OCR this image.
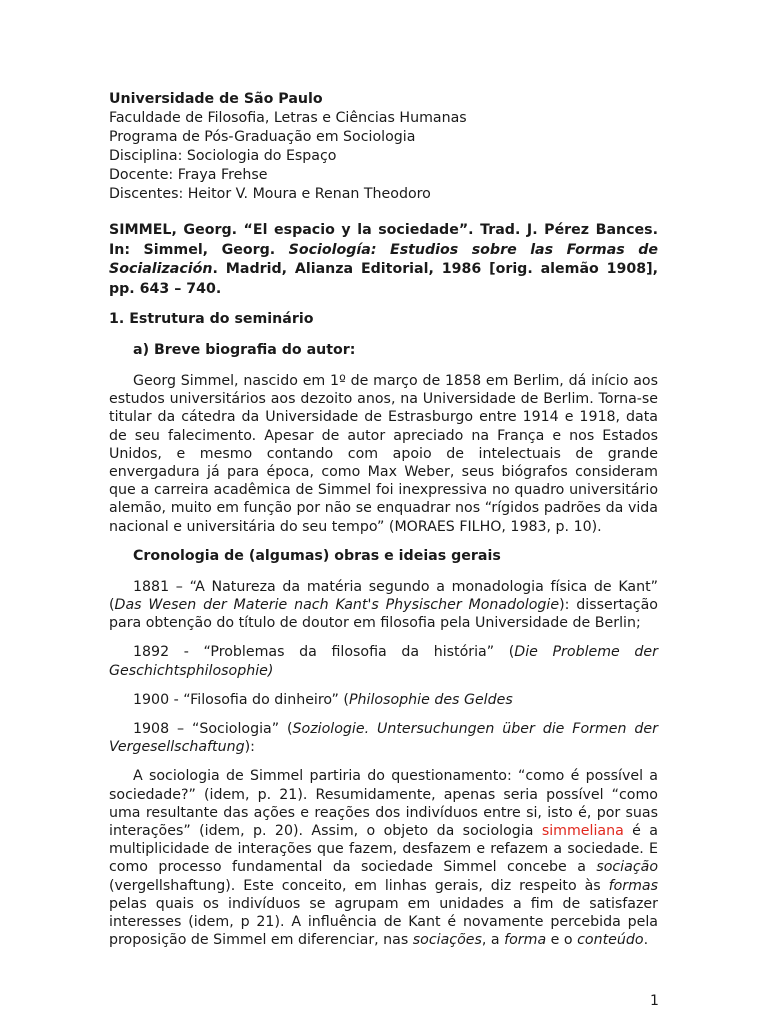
Universidade de São Paulo
Faculdade de Filosofia, Letras e Ciências Humanas
Programa de Pós-Graduação em Sociologia
Disciplina: Sociologia do Espaço
Docente: Fraya Frehse
Discentes: Heitor V. Moura e Renan Theodoro
SIMMEL, Georg. “El espacio y la sociedade”. Trad. J. Pérez Bances. In: Simmel, Georg. Sociología: Estudios sobre las Formas de Socialización. Madrid, Alianza Editorial, 1986 [orig. alemão 1908], pp. 643 – 740.
1. Estrutura do seminário
a) Breve biografia do autor:

Georg Simmel, nascido em 1º de março de 1858 em Berlim, dá início aos estudos universitários aos dezoito anos, na Universidade de Berlim. Torna-se titular da cátedra da Universidade de Estrasburgo entre 1914 e 1918, data de seu falecimento. Apesar de autor apreciado na França e nos Estados Unidos, e mesmo contando com apoio de intelectuais de grande envergadura já para época, como Max Weber, seus biógrafos consideram que a carreira acadêmica de Simmel foi inexpressiva no quadro universitário alemão, muito em função por não se enquadrar nos “rígidos padrões da vida nacional e universitária do seu tempo” (MORAES FILHO, 1983, p. 10).

Cronologia de (algumas) obras e ideias gerais

1881 – “A Natureza da matéria segundo a monadologia física de Kant” (Das Wesen der Materie nach Kant's Physischer Monadologie): dissertação para obtenção do título de doutor em filosofia pela Universidade de Berlin;

1892 - “Problemas da filosofia da história” (Die Probleme der Geschichtsphilosophie)

1900 - “Filosofia do dinheiro” (Philosophie des Geldes

1908 – “Sociologia” (Soziologie. Untersuchungen über die Formen der Vergesellschaftung):

A sociologia de Simmel partiria do questionamento: “como é possível a sociedade?” (idem, p. 21). Resumidamente, apenas seria possível “como uma resultante das ações e reações dos indivíduos entre si, isto é, por suas interações” (idem, p. 20). Assim, o objeto da sociologia simmeliana é a multiplicidade de interações que fazem, desfazem e refazem a sociedade. E como processo fundamental da sociedade Simmel concebe a sociação (vergellshaftung). Este conceito, em linhas gerais, diz respeito às formas pelas quais os indivíduos se agrupam em unidades a fim de satisfazer interesses (idem, p 21). A influência de Kant é novamente percebida pela proposição de Simmel em diferenciar, nas sociações, a forma e o conteúdo.

1
